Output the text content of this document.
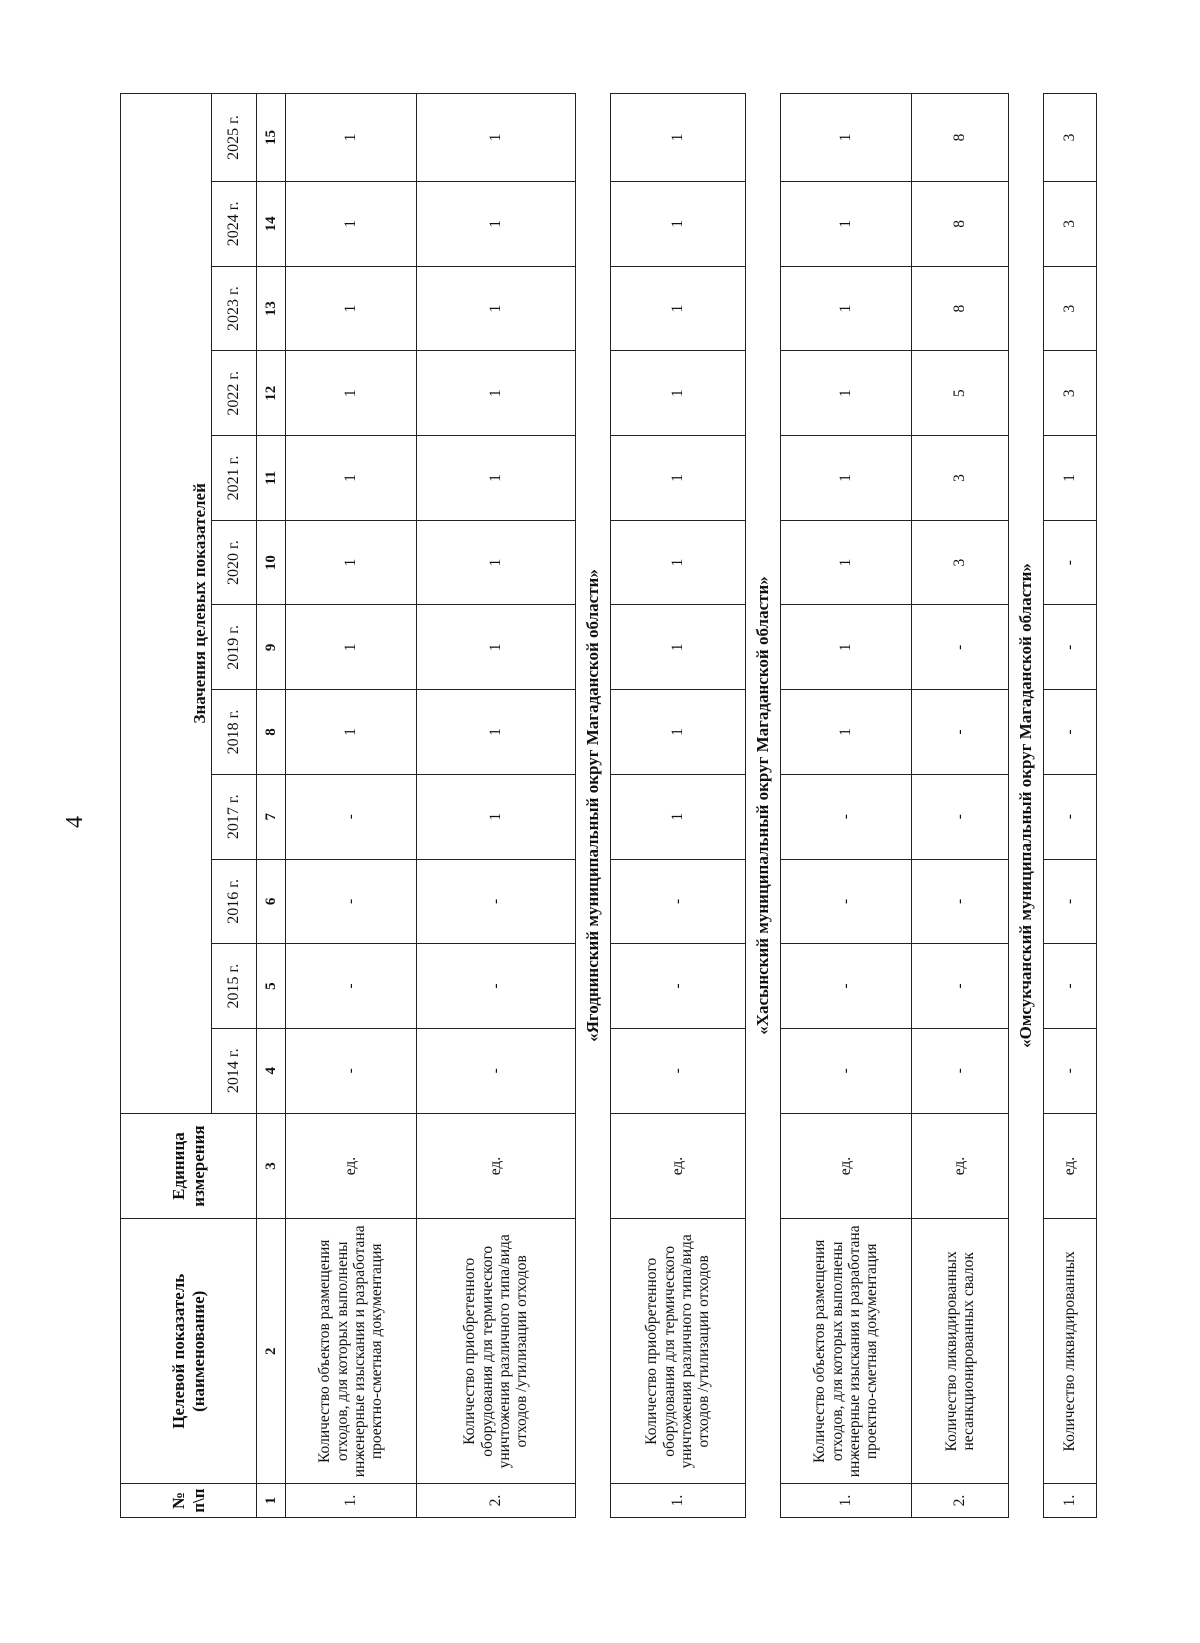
4
№ п\п	Целевой показатель (наименование)	Единица измерения	Значения целевых показателей											
			2014 г.	2015 г.	2016 г.	2017 г.	2018 г.	2019 г.	2020 г.	2021 г.	2022 г.	2023 г.	2024 г.	2025 г.
1	2	3	4	5	6	7	8	9	10	11	12	13	14	15
1.	Количество объектов размещения отходов, для которых выполнены инженерные изыскания и разработана проектно-сметная документация	ед.	-	-	-	-	1	1	1	1	1	1	1	1
2.	Количество приобретенного оборудования для термического уничтожения различного типа/вида отходов /утилизации отходов	ед.	-	-	-	1	1	1	1	1	1	1	1	1
«Ягоднинский муниципальный округ Магаданской области»														
1.	Количество приобретенного оборудования для термического уничтожения различного типа/вида отходов /утилизации отходов	ед.	-	-	-	1	1	1	1	1	1	1	1	1
«Хасынский муниципальный округ Магаданской области»														
1.	Количество объектов размещения отходов, для которых выполнены инженерные изыскания и разработана проектно-сметная документация	ед.	-	-	-	-	1	1	1	1	1	1	1	1
2.	Количество ликвидированных несанкционированных свалок	ед.	-	-	-	-	-	-	3	3	5	8	8	8
«Омсукчанский муниципальный округ Магаданской области»														
1.	Количество ликвидированных	ед.	-	-	-	-	-	-	-	1	3	3	3	3
